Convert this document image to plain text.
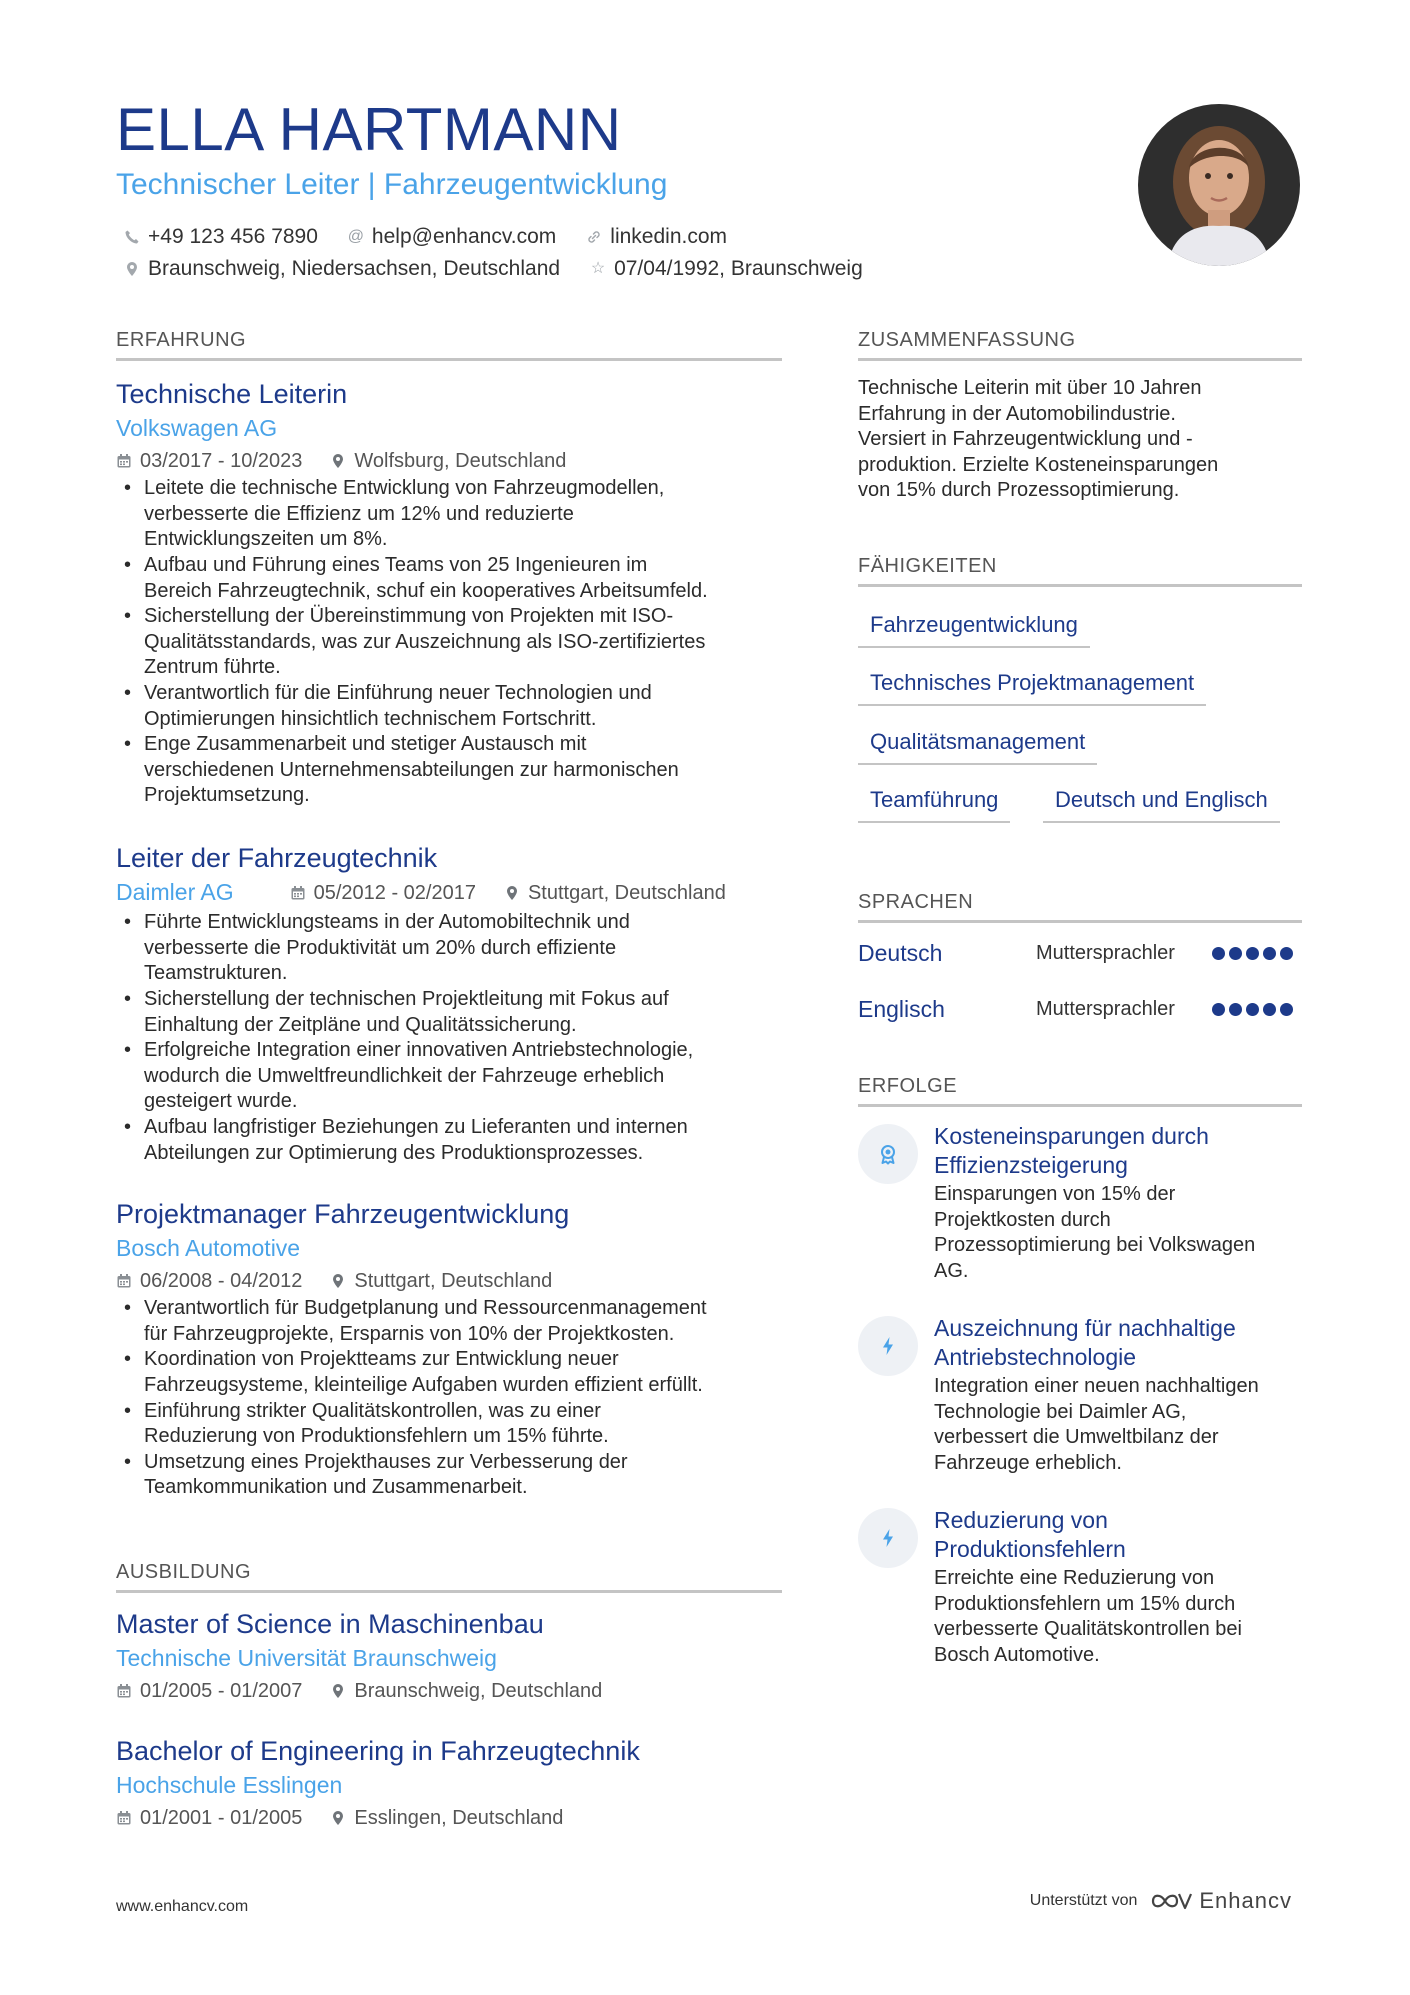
ELLA HARTMANN
Technischer Leiter | Fahrzeugentwicklung
+49 123 456 7890 @ help@enhancv.com	linkedin.com
Braunschweig, Niedersachsen, Deutschland ☆ 07/04/1992, Braunschweig
ERFAHRUNG
AUSBILDUNG
ZUSAMMENFASSUNG
FÄHIGKEITEN
SPRACHEN
ERFOLGE
Technische Leiterin
Volkswagen AG
03/2017 - 10/2023	Wolfsburg, Deutschland
• Leitete die technische Entwicklung von Fahrzeugmodellen,
verbesserte die Effizienz um 12% und reduzierte
Entwicklungszeiten um 8%.
• Aufbau und Führung eines Teams von 25 Ingenieuren im
Bereich Fahrzeugtechnik, schuf ein kooperatives Arbeitsumfeld.
• Sicherstellung der Übereinstimmung von Projekten mit ISO-
Qualitätsstandards, was zur Auszeichnung als ISO-zertifiziertes
Zentrum führte.
• Verantwortlich für die Einführung neuer Technologien und
Optimierungen hinsichtlich technischem Fortschritt.
• Enge Zusammenarbeit und stetiger Austausch mit
verschiedenen Unternehmensabteilungen zur harmonischen
Projektumsetzung.
Leiter der Fahrzeugtechnik
Daimler AG	05/2012 - 02/2017	Stuttgart, Deutschland
• Führte Entwicklungsteams in der Automobiltechnik und
verbesserte die Produktivität um 20% durch effiziente
Teamstrukturen.
• Sicherstellung der technischen Projektleitung mit Fokus auf
Einhaltung der Zeitpläne und Qualitätssicherung.
• Erfolgreiche Integration einer innovativen Antriebstechnologie,
wodurch die Umweltfreundlichkeit der Fahrzeuge erheblich
gesteigert wurde.
• Aufbau langfristiger Beziehungen zu Lieferanten und internen
Abteilungen zur Optimierung des Produktionsprozesses.
Projektmanager Fahrzeugentwicklung
Bosch Automotive
06/2008 - 04/2012	Stuttgart, Deutschland
• Verantwortlich für Budgetplanung und Ressourcenmanagement
für Fahrzeugprojekte, Ersparnis von 10% der Projektkosten.
• Koordination von Projektteams zur Entwicklung neuer
Fahrzeugsysteme, kleinteilige Aufgaben wurden effizient erfüllt.
• Einführung strikter Qualitätskontrollen, was zu einer
Reduzierung von Produktionsfehlern um 15% führte.
• Umsetzung eines Projekthauses zur Verbesserung der
Teamkommunikation und Zusammenarbeit.
Master of Science in Maschinenbau
Technische Universität Braunschweig
01/2005 - 01/2007	Braunschweig, Deutschland
Bachelor of Engineering in Fahrzeugtechnik
Hochschule Esslingen
01/2001 - 01/2005	Esslingen, Deutschland
Technische Leiterin mit über 10 Jahren
Erfahrung in der Automobilindustrie.
Versiert in Fahrzeugentwicklung und -
produktion. Erzielte Kosteneinsparungen
von 15% durch Prozessoptimierung.
Fahrzeugentwicklung
Technisches Projektmanagement
Qualitätsmanagement
Teamführung	Deutsch und Englisch
Deutsch	Muttersprachler
Englisch	Muttersprachler
Kosteneinsparungen durch
Effizienzsteigerung
Einsparungen von 15% der
Projektkosten durch
Prozessoptimierung bei Volkswagen
AG.
Auszeichnung für nachhaltige
Antriebstechnologie
Integration einer neuen nachhaltigen
Technologie bei Daimler AG,
verbessert die Umweltbilanz der
Fahrzeuge erheblich.
Reduzierung von
Produktionsfehlern
Erreichte eine Reduzierung von
Produktionsfehlern um 15% durch
verbesserte Qualitätskontrollen bei
Bosch Automotive.
www.enhancv.com	Unterstützt von	Enhancv
